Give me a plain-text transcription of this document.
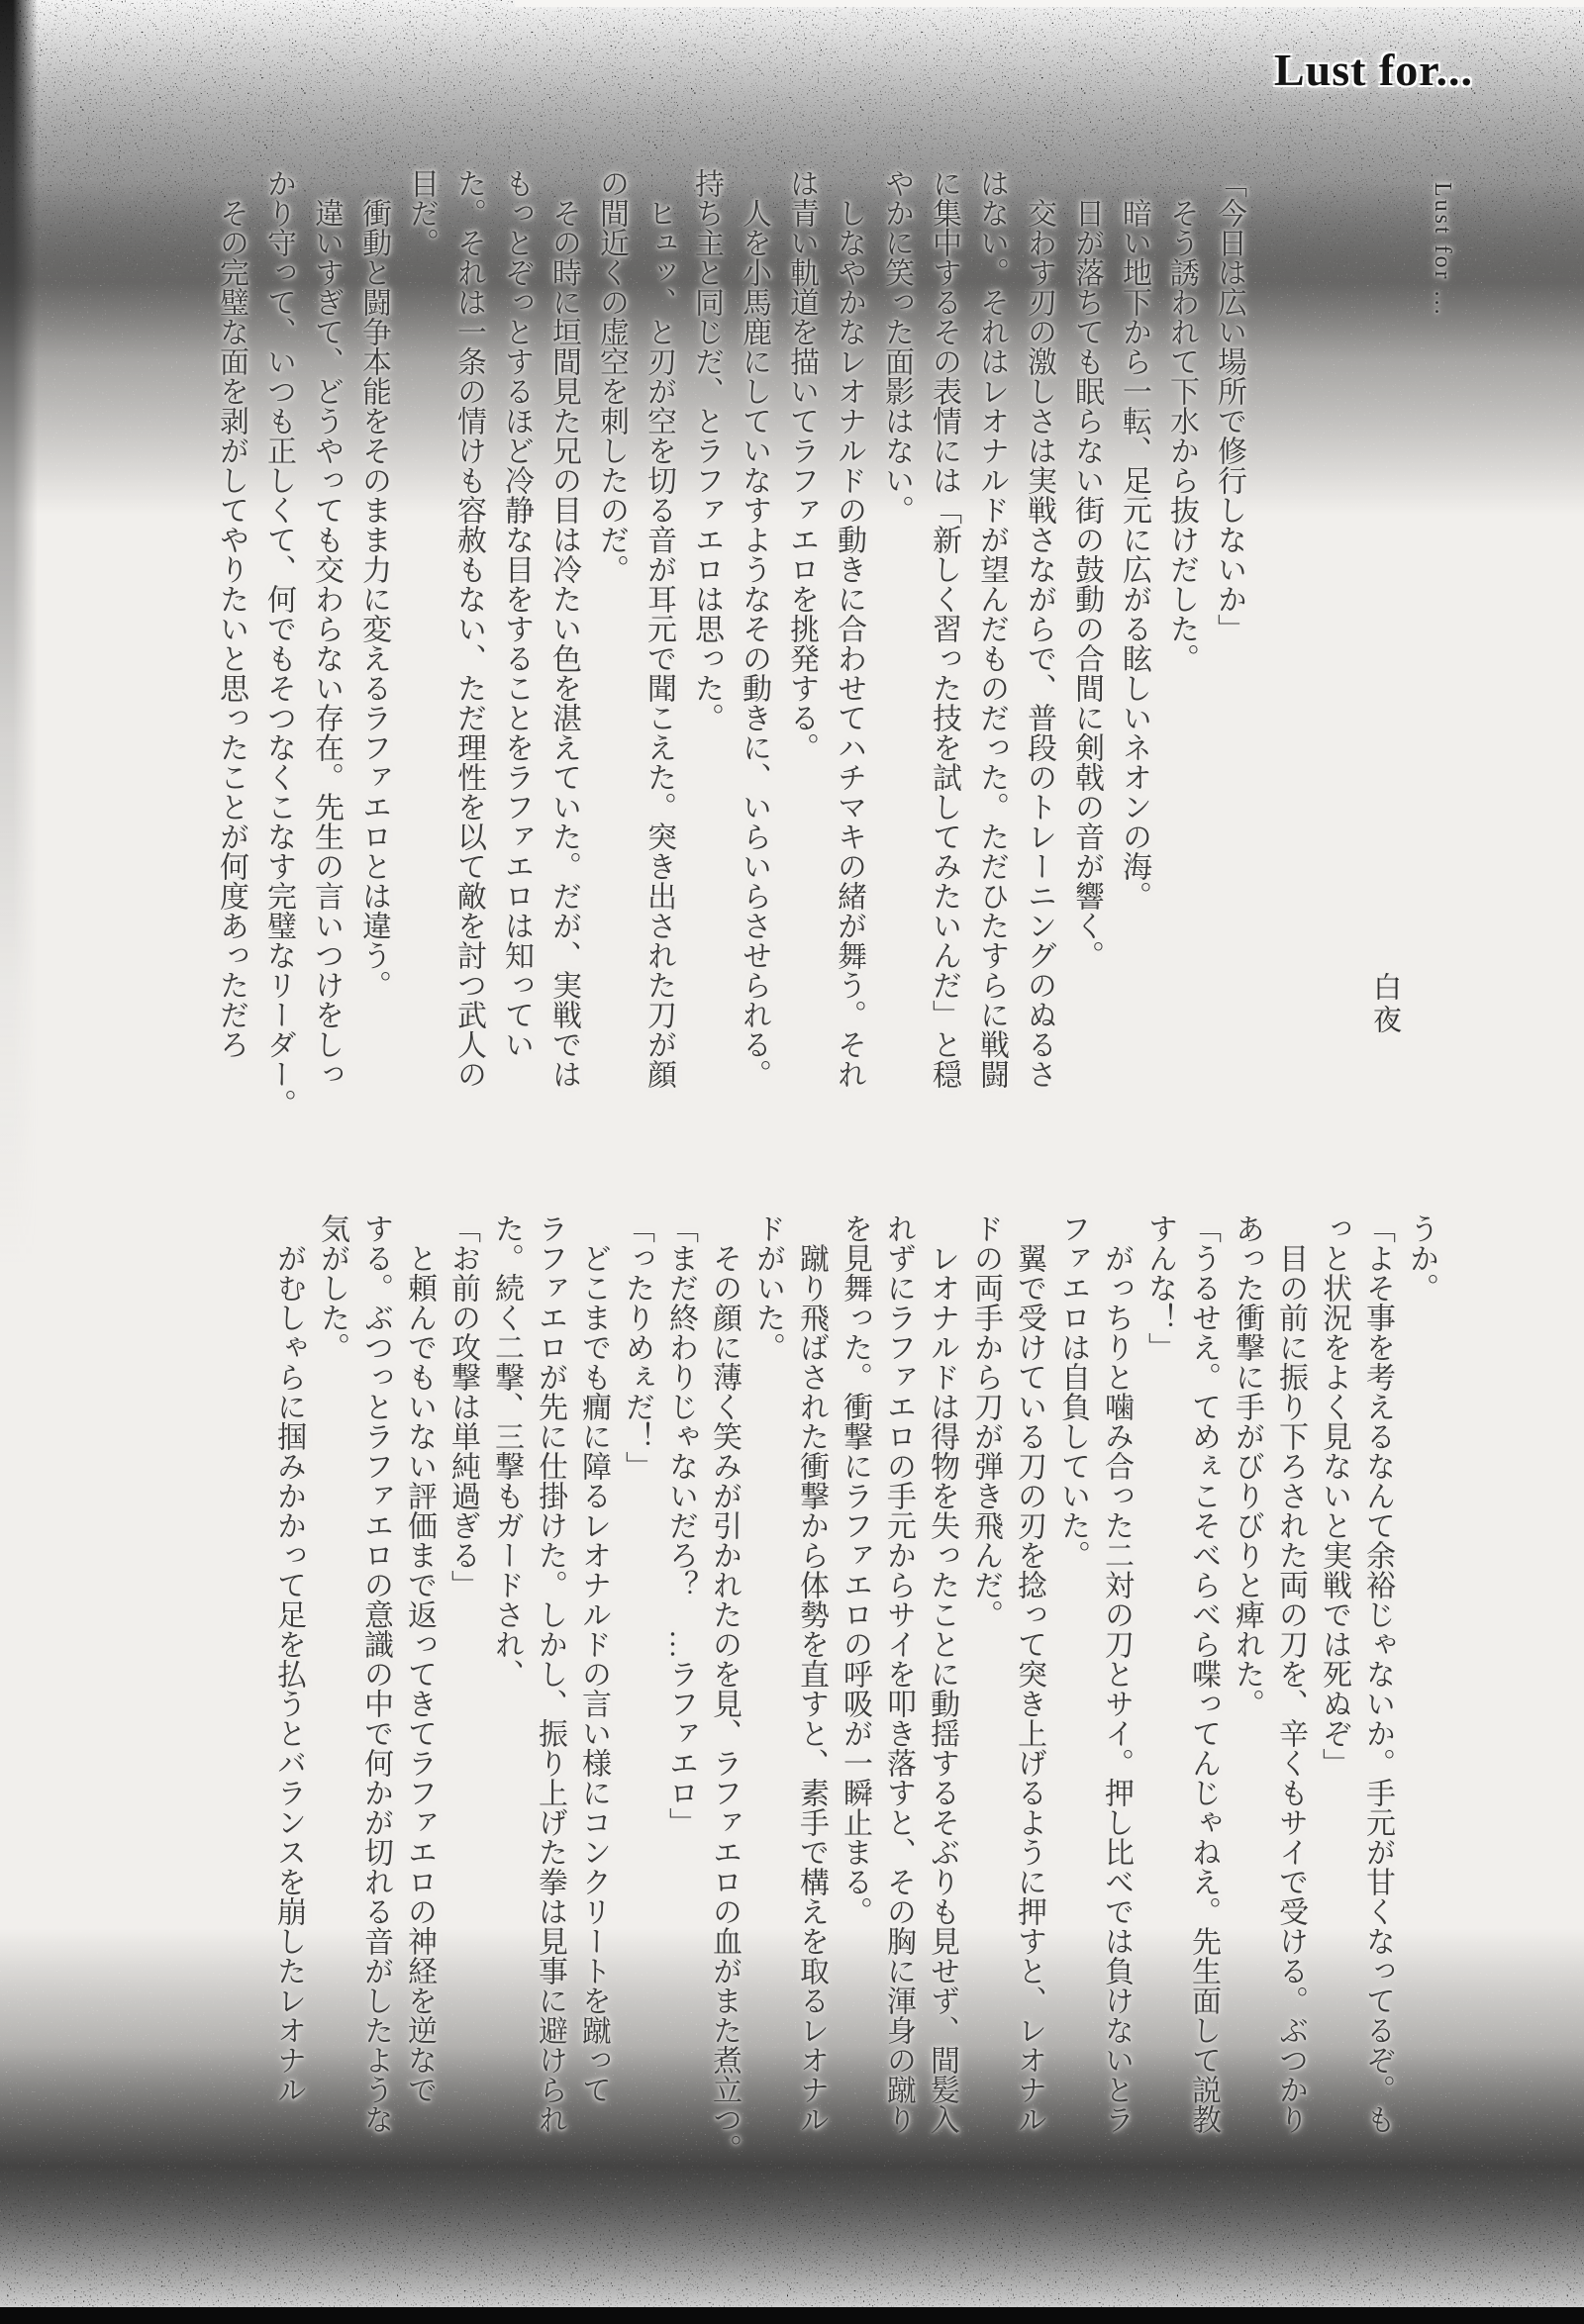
Lust for...
Lust for ...
白夜

「今日は広い場所で修行しないか」

そう誘われて下水から抜けだした。

暗い地下から一転、足元に広がる眩しいネオンの海。

日が落ちても眠らない街の鼓動の合間に剣戟の音が響く。

交わす刃の激しさは実戦さながらで、普段のトレーニングのぬるさ

はない。それはレオナルドが望んだものだった。ただひたすらに戦闘

に集中するその表情には「新しく習った技を試してみたいんだ」と穏

やかに笑った面影はない。

しなやかなレオナルドの動きに合わせてハチマキの緒が舞う。それ

は青い軌道を描いてラファエロを挑発する。

人を小馬鹿にしていなすようなその動きに、いらいらさせられる。

持ち主と同じだ、とラファエロは思った。

ヒュッ、と刃が空を切る音が耳元で聞こえた。突き出された刀が顔

の間近くの虚空を刺したのだ。

その時に垣間見た兄の目は冷たい色を湛えていた。だが、実戦では

もっとぞっとするほど冷静な目をすることをラファエロは知ってい

た。それは一条の情けも容赦もない、ただ理性を以て敵を討つ武人の

目だ。

衝動と闘争本能をそのまま力に変えるラファエロとは違う。

違いすぎて、どうやっても交わらない存在。先生の言いつけをしっ

かり守って、いつも正しくて、何でもそつなくこなす完璧なリーダー。

その完璧な面を剥がしてやりたいと思ったことが何度あっただろ

うか。

「よそ事を考えるなんて余裕じゃないか。手元が甘くなってるぞ。も

っと状況をよく見ないと実戦では死ぬぞ」

目の前に振り下ろされた両の刀を、辛くもサイで受ける。ぶつかり

あった衝撃に手がびりびりと痺れた。

「うるせえ。てめぇこそべらべら喋ってんじゃねえ。先生面して説教

すんな！」

がっちりと噛み合った二対の刀とサイ。押し比べでは負けないとラ

ファエロは自負していた。

翼で受けている刀の刃を捻って突き上げるように押すと、レオナル

ドの両手から刀が弾き飛んだ。

レオナルドは得物を失ったことに動揺するそぶりも見せず、間髪入

れずにラファエロの手元からサイを叩き落すと、その胸に渾身の蹴り

を見舞った。衝撃にラファエロの呼吸が一瞬止まる。

蹴り飛ばされた衝撃から体勢を直すと、素手で構えを取るレオナル

ドがいた。

その顔に薄く笑みが引かれたのを見、ラファエロの血がまた煮立つ。

「まだ終わりじゃないだろ？　…ラファエロ」

「ったりめぇだ！」

どこまでも癇に障るレオナルドの言い様にコンクリートを蹴って

ラファエロが先に仕掛けた。しかし、振り上げた拳は見事に避けられ

た。続く二撃、三撃もガードされ、

「お前の攻撃は単純過ぎる」

と頼んでもいない評価まで返ってきてラファエロの神経を逆なで

する。ぶつっとラファエロの意識の中で何かが切れる音がしたような

気がした。

がむしゃらに掴みかかって足を払うとバランスを崩したレオナル
